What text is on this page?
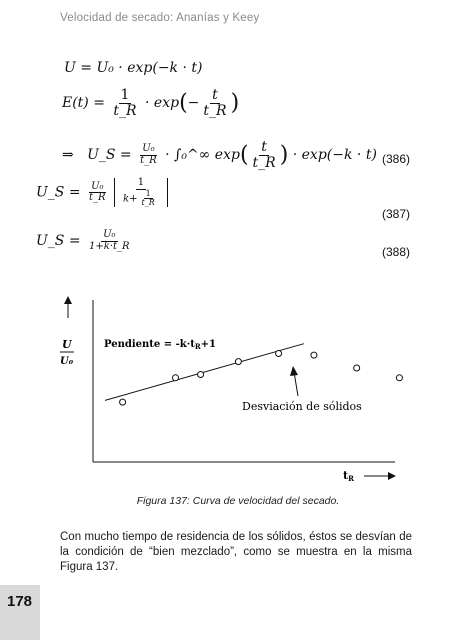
Velocidad de secado: Ananías y Keey
U = U₀ · exp(−k · t)
$E(t) = \frac{1}{t\_R} \cdot \exp(- \frac{t}{t\_R}$ )
⇒ U_S = $\frac{\text{U₀}}{t\_R}$ · ∫₀^∞ $\exp( \frac{t}{t\_R}$ ) · exp(−k · t) (386)
U_S = $\frac{\text{U₀}}{t\_R}$
$\frac{1}{k+ \frac{1}{t\_R}}$
(387)
U_S = $\frac{\text{U₀}}{1+k\cdot t\_R}$	(388)
U
U₀
Pendiente = $-k\cdot t_R+1$
Desviación de sólidos
tR
Figura 137: Curva de velocidad del secado.
Con mucho tiempo de residencia de los sólidos, éstos se desvían de la condición de “bien mezclado”, como se muestra en la misma Figura 137.
178
